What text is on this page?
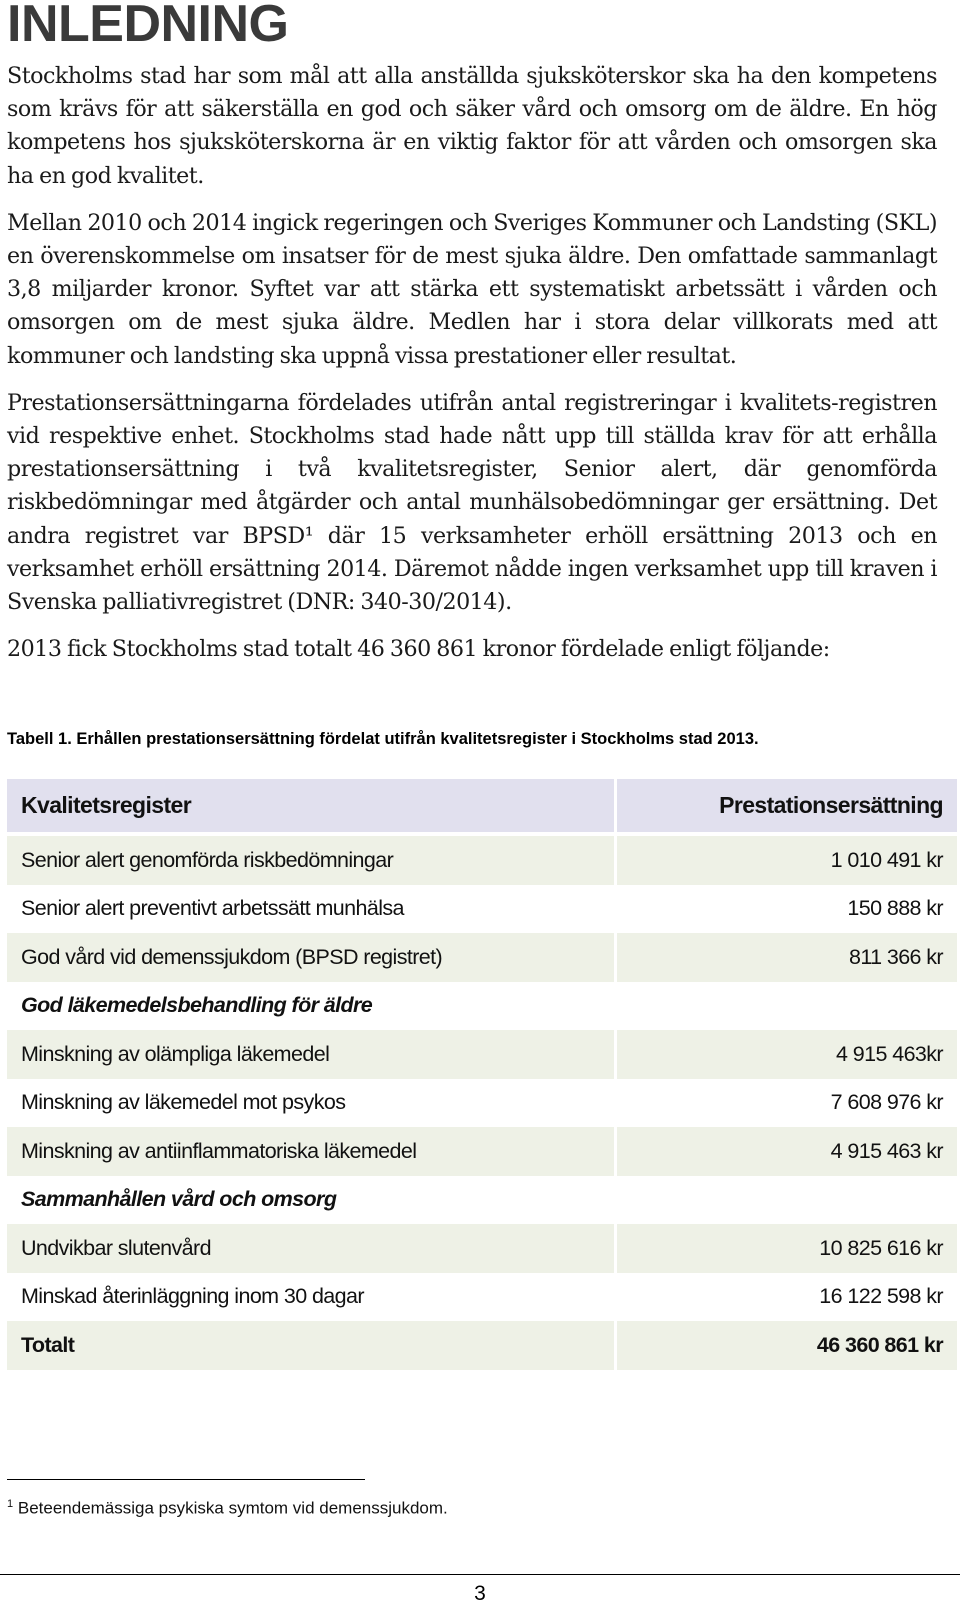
INLEDNING

Stockholms stad har som mål att alla anställda sjuksköterskor ska ha den kompetens som krävs för att säkerställa en god och säker vård och omsorg om de äldre. En hög kompetens hos sjuksköterskorna är en viktig faktor för att vården och omsorgen ska ha en god kvalitet.

Mellan 2010 och 2014 ingick regeringen och Sveriges Kommuner och Landsting (SKL) en överenskommelse om insatser för de mest sjuka äldre. Den omfattade sammanlagt 3,8 miljarder kronor. Syftet var att stärka ett systematiskt arbetssätt i vården och omsorgen om de mest sjuka äldre. Medlen har i stora delar villkorats med att kommuner och landsting ska uppnå vissa prestationer eller resultat.

Prestationsersättningarna fördelades utifrån antal registreringar i kvalitets-registren vid respektive enhet. Stockholms stad hade nått upp till ställda krav för att erhålla prestationsersättning i två kvalitetsregister, Senior alert, där genomförda riskbedömningar med åtgärder och antal munhälsobedömningar ger ersättning. Det andra registret var BPSD¹ där 15 verksamheter erhöll ersättning 2013 och en verksamhet erhöll ersättning 2014. Däremot nådde ingen verksamhet upp till kraven i Svenska palliativregistret (DNR: 340-30/2014).

2013 fick Stockholms stad totalt 46 360 861 kronor fördelade enligt följande:

Tabell 1. Erhållen prestationsersättning fördelat utifrån kvalitetsregister i Stockholms stad 2013.

Kvalitetsregister	Prestationsersättning
Senior alert genomförda riskbedömningar	1 010 491 kr
Senior alert preventivt arbetssätt munhälsa	150 888 kr
God vård vid demenssjukdom (BPSD registret)	811 366 kr
God läkemedelsbehandling för äldre	
Minskning av olämpliga läkemedel	4 915 463kr
Minskning av läkemedel mot psykos	7 608 976 kr
Minskning av antiinflammatoriska läkemedel	4 915 463 kr
Sammanhållen vård och omsorg	
Undvikbar slutenvård	10 825 616 kr
Minskad återinläggning inom 30 dagar	16 122 598 kr
Totalt	46 360 861 kr

$^1$ Beteendemässiga psykiska symtom vid demenssjukdom.

3
